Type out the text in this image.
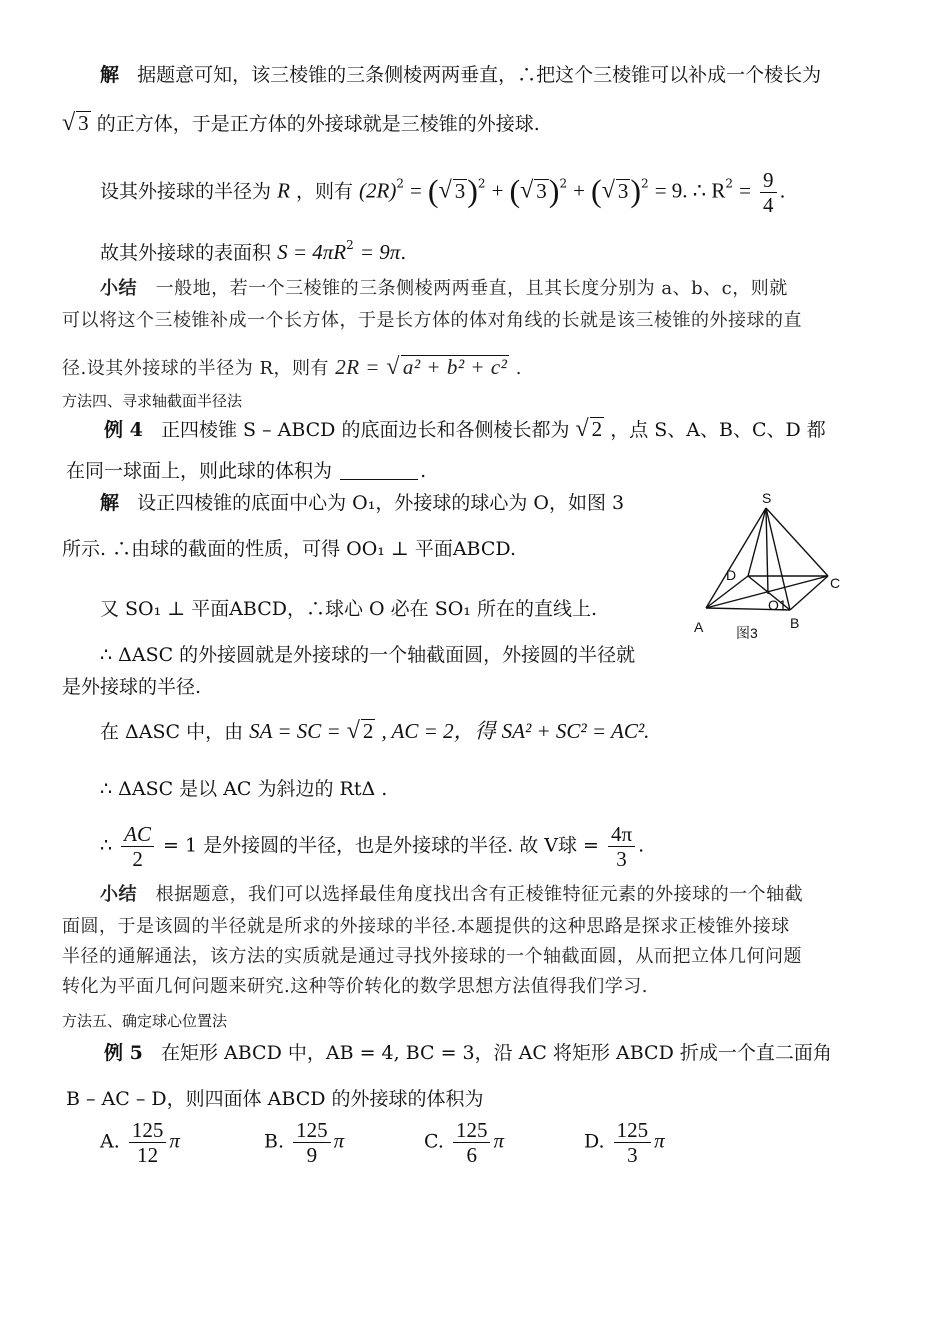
解 据题意可知，该三棱锥的三条侧棱两两垂直，∴把这个三棱锥可以补成一个棱长为
√ 3 的正方体，于是正方体的外接球就是三棱锥的外接球.
设其外接球的半径为 R ，则有 $(2R)^2$ = (√ 3)$^2$ + (√ 3)$^2$ + (√ 3)$^2$ = 9. ∴ $R^2 = \frac{9}{4}$ .
故其外接球的表面积 $S = 4\pi R^2 = 9\pi$.
小结 一般地，若一个三棱锥的三条侧棱两两垂直，且其长度分别为 a、b、c，则就
可以将这个三棱锥补成一个长方体，于是长方体的体对角线的长就是该三棱锥的外接球的直
径.设其外接球的半径为 R，则有 2R = √ a² + b² + c² .
方法四、寻求轴截面半径法
例 4 正四棱锥 S – ABCD 的底面边长和各侧棱长都为 √ 2 ，点 S、A、B、C、D 都
在同一球面上，则此球的体积为	.
解 设正四棱锥的底面中心为 O₁，外接球的球心为 O，如图 3
所示. ∴由球的截面的性质，可得 OO₁ ⊥ 平面ABCD.
又 SO₁ ⊥ 平面ABCD，∴球心 O 必在 SO₁ 所在的直线上.
∴ ΔASC 的外接圆就是外接球的一个轴截面圆，外接圆的半径就
是外接球的半径.
在 ΔASC 中，由 SA = SC = √ 2 , AC = 2，得 SA² + SC² = AC².
∴ ΔASC 是以 AC 为斜边的 RtΔ .
∴ $\frac{AC}{2} = 1$ 是外接圆的半径，也是外接球的半径. 故 V球 = $\frac{4\pi}{3}$ .
S
A	B
C
D
O1
图3
小结 根据题意，我们可以选择最佳角度找出含有正棱锥特征元素的外接球的一个轴截
面圆，于是该圆的半径就是所求的外接球的半径.本题提供的这种思路是探求正棱锥外接球
半径的通解通法，该方法的实质就是通过寻找外接球的一个轴截面圆，从而把立体几何问题
转化为平面几何问题来研究.这种等价转化的数学思想方法值得我们学习.
方法五、确定球心位置法
例 5 在矩形 ABCD 中，AB = 4, BC = 3，沿 AC 将矩形 ABCD 折成一个直二面角
B – AC – D，则四面体 ABCD 的外接球的体积为
A. $\frac{125}{12}$ π	B. $\frac{125}{9}$ π	C. $\frac{125}{6}$ π	D. $\frac{125}{3}$ π
